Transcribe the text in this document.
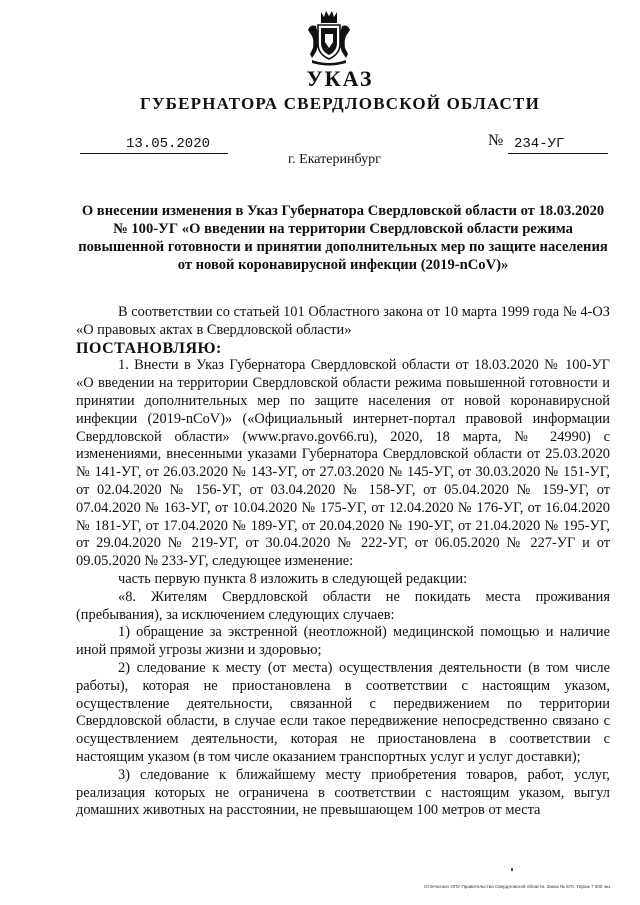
УКАЗ
ГУБЕРНАТОРА СВЕРДЛОВСКОЙ ОБЛАСТИ
13.05.2020	№ 234-УГ
г. Екатеринбург
О внесении изменения в Указ Губернатора Свердловской области от 18.03.2020 № 100-УГ «О введении на территории Свердловской области режима повышенной готовности и принятии дополнительных мер по защите населения от новой коронавирусной инфекции (2019-nCoV)»

В соответствии со статьей 101 Областного закона от 10 марта 1999 года № 4-ОЗ «О правовых актах в Свердловской области»

ПОСТАНОВЛЯЮ:

1. Внести в Указ Губернатора Свердловской области от 18.03.2020 № 100-УГ «О введении на территории Свердловской области режима повышенной готовности и принятии дополнительных мер по защите населения от новой коронавирусной инфекции (2019-nCoV)» («Официальный интернет-портал правовой информации Свердловской области» (www.pravo.gov66.ru), 2020, 18 марта, № 24990) с изменениями, внесенными указами Губернатора Свердловской области от 25.03.2020 № 141-УГ, от 26.03.2020 № 143-УГ, от 27.03.2020 № 145-УГ, от 30.03.2020 № 151-УГ, от 02.04.2020 № 156-УГ, от 03.04.2020 № 158-УГ, от 05.04.2020 № 159-УГ, от 07.04.2020 № 163-УГ, от 10.04.2020 № 175-УГ, от 12.04.2020 № 176-УГ, от 16.04.2020 № 181-УГ, от 17.04.2020 № 189-УГ, от 20.04.2020 № 190-УГ, от 21.04.2020 № 195-УГ, от 29.04.2020 № 219-УГ, от 30.04.2020 № 222-УГ, от 06.05.2020 № 227-УГ и от 09.05.2020 № 233-УГ, следующее изменение:

часть первую пункта 8 изложить в следующей редакции:

«8. Жителям Свердловской области не покидать места проживания (пребывания), за исключением следующих случаев:

1) обращение за экстренной (неотложной) медицинской помощью и наличие иной прямой угрозы жизни и здоровью;

2) следование к месту (от места) осуществления деятельности (в том числе работы), которая не приостановлена в соответствии с настоящим указом, осуществление деятельности, связанной с передвижением по территории Свердловской области, в случае если такое передвижение непосредственно связано с осуществлением деятельности, которая не приостановлена в соответствии с настоящим указом (в том числе оказанием транспортных услуг и услуг доставки);

3) следование к ближайшему месту приобретения товаров, работ, услуг, реализация которых не ограничена в соответствии с настоящим указом, выгул домашних животных на расстоянии, не превышающем 100 метров от места

Отпечатано ОПУ Правительства Свердловской области. Заказ № 570. Тираж 7 000 экз.
